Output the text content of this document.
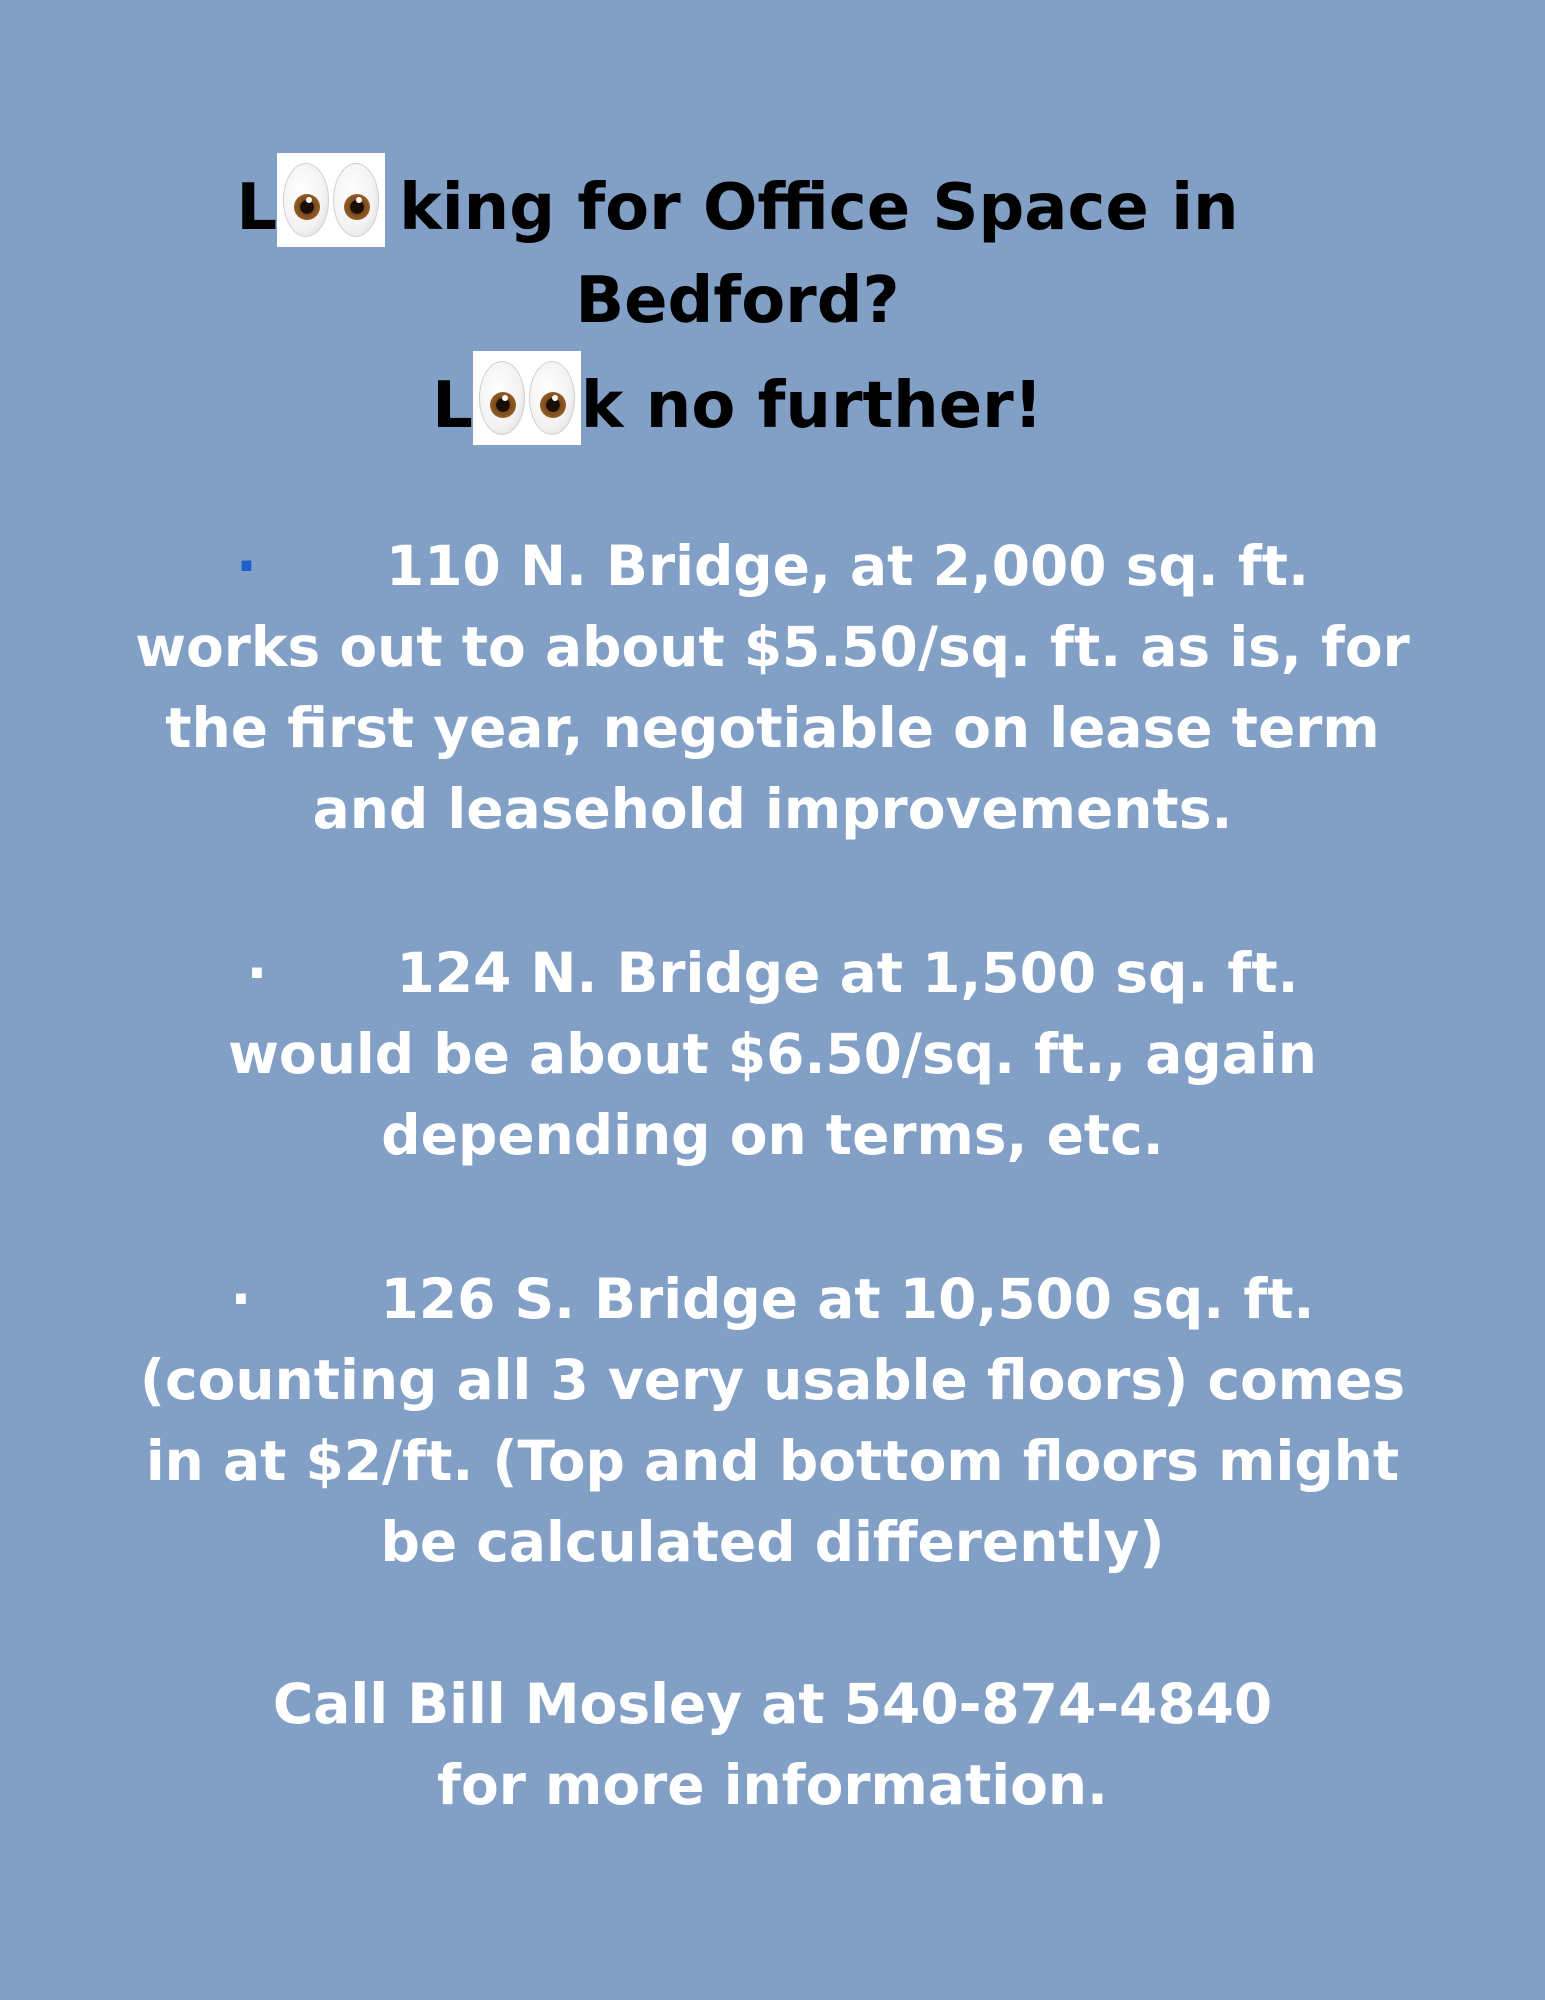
L king for Office Space in
Bedford?
L k no further!
· 110 N. Bridge, at 2,000 sq. ft.
works out to about $5.50/sq. ft. as is, for
the first year, negotiable on lease term
and leasehold improvements.
· 124 N. Bridge at 1,500 sq. ft.
would be about $6.50/sq. ft., again
depending on terms, etc.
· 126 S. Bridge at 10,500 sq. ft.
(counting all 3 very usable floors) comes
in at $2/ft. (Top and bottom floors might
be calculated differently)
Call Bill Mosley at 540-874-4840
for more information.
